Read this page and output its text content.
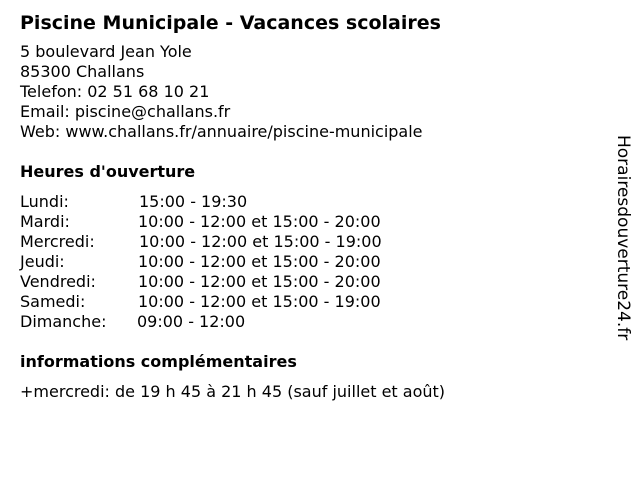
Piscine Municipale - Vacances scolaires
5 boulevard Jean Yole
85300 Challans
Telefon: 02 51 68 10 21
Email: piscine@challans.fr
Web: www.challans.fr/annuaire/piscine-municipale
Heures d'ouverture
Lundi:	15:00 - 19:30
Mardi:	10:00 - 12:00 et 15:00 - 20:00
Mercredi:	10:00 - 12:00 et 15:00 - 19:00
Jeudi:	10:00 - 12:00 et 15:00 - 20:00
Vendredi:	10:00 - 12:00 et 15:00 - 20:00
Samedi:	10:00 - 12:00 et 15:00 - 19:00
Dimanche:	09:00 - 12:00
informations complémentaires
+mercredi: de 19 h 45 à 21 h 45 (sauf juillet et août)
Horairesdouverture24.fr
